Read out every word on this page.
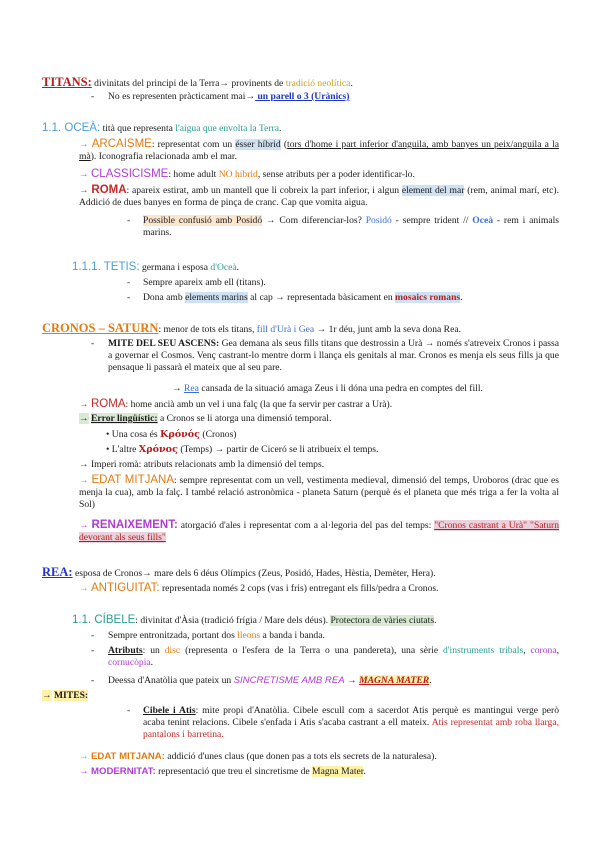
TITANS: divinitats del principi de la Terra→ provinents de tradició neolítica.
- No es representen pràcticament mai→ un parell o 3 (Urànics)
1.1. OCEÀ: tità que representa l'aigua que envolta la Terra.
→ ARCAISME: representat com un ésser híbrid (tors d'home i part inferior d'anguila, amb banyes un peix/anguila a la mà). Iconografia relacionada amb el mar.
→ CLASSICISME: home adult NO híbrid, sense atributs per a poder identificar-lo.
→ ROMA: apareix estirat, amb un mantell que li cobreix la part inferior, i algun element del mar (rem, animal marí, etc). Addició de dues banyes en forma de pinça de cranc. Cap que vomita aigua.
- Possible confusió amb Posidó → Com diferenciar-los? Posidó - sempre trident // Oceà - rem i animals marins.
1.1.1. TETIS: germana i esposa d'Oceà.
- Sempre apareix amb ell (titans).
- Dona amb elements marins al cap → representada bàsicament en mosaics romans.
CRONOS – SATURN: menor de tots els titans, fill d'Urà i Gea → 1r déu, junt amb la seva dona Rea.
- MITE DEL SEU ASCENS: Gea demana als seus fills titans que destrossin a Urà → només s'atreveix Cronos i passa a governar el Cosmos. Venç castrant-lo mentre dorm i llança els genitals al mar. Cronos es menja els seus fills ja que pensaque li passarà el mateix que al seu pare.
→ Rea cansada de la situació amaga Zeus i li dóna una pedra en comptes del fill.
→ ROMA: home ancià amb un vel i una falç (la que fa servir per castrar a Urà).
→ Error lingüístic: a Cronos se li atorga una dimensió temporal.
• Una cosa és Κρόνός (Cronos)
• L'altre Χρόνος (Temps) → partir de Ciceró se li atribueix el temps.
→ Imperi romà: atributs relacionats amb la dimensió del temps.
→ EDAT MITJANA: sempre representat com un vell, vestimenta medieval, dimensió del temps, Uroboros (drac que es menja la cua), amb la falç. I també relació astronòmica - planeta Saturn (perquè és el planeta que més triga a fer la volta al Sol)
→ RENAIXEMENT: atorgació d'ales i representat com a al·legoria del pas del temps: "Cronos castrant a Urà" "Saturn devorant als seus fills"
REA: esposa de Cronos→ mare dels 6 déus Olímpics (Zeus, Posidó, Hades, Hèstia, Demèter, Hera).
→ ANTIGUITAT: representada només 2 cops (vas i fris) entregant els fills/pedra a Cronos.
1.1. CÍBELE: divinitat d'Àsia (tradició frígia / Mare dels déus). Protectora de vàries ciutats.
- Sempre entronitzada, portant dos lleons a banda i banda.
- Atributs: un disc (representa o l'esfera de la Terra o una pandereta), una sèrie d'instruments tribals, corona, cornucòpia.
- Deessa d'Anatòlia que pateix un SINCRETISME AMB REA → MAGNA MATER.
→ MITES:
- Cibele i Atis: mite propi d'Anatòlia. Cibele escull com a sacerdot Atis perquè es mantingui verge però acaba tenint relacions. Cibele s'enfada i Atis s'acaba castrant a ell mateix. Atis representat amb roba llarga, pantalons i barretina.
→ EDAT MITJANA: addició d'unes claus (que donen pas a tots els secrets de la naturalesa).
→ MODERNITAT: representació que treu el sincretisme de Magna Mater.
